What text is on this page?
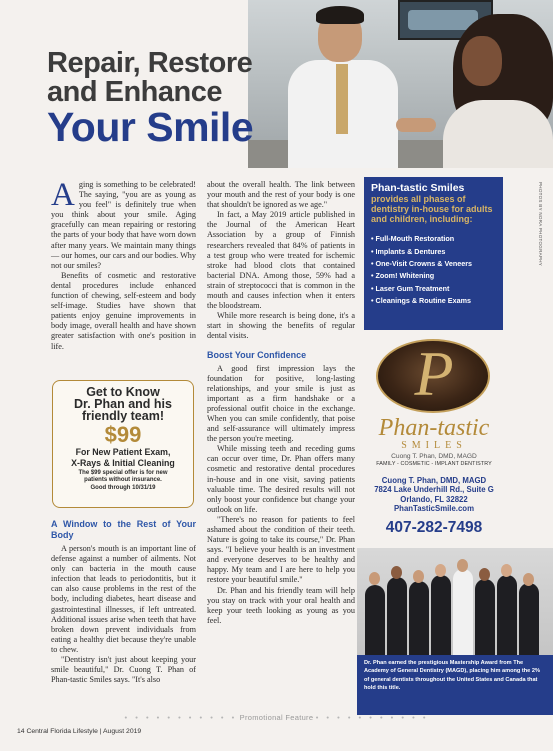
PHOTOS BY NORA PHOTOGRAPHY
Repair, Restore
and Enhance
Your Smile

Aging is something to be celebrated! The saying, "you are as young as you feel" is definitely true when you think about your smile. Aging gracefully can mean repairing or restoring the parts of your body that have worn down after many years. We maintain many things — our homes, our cars and our bodies. Why not our smiles?

Benefits of cosmetic and restorative dental procedures include enhanced function of chewing, self-esteem and body self-image. Studies have shown that patients enjoy genuine improvements in body image, overall health and have shown greater satisfaction with one's position in life.

Get to Know
Dr. Phan and his
friendly team!
$99
For New Patient Exam,
X-Rays & Initial Cleaning
The $99 special offer is for new
patients without insurance.
Good through 10/31/19
A Window to the Rest of Your Body

A person's mouth is an important line of defense against a number of ailments. Not only can bacteria in the mouth cause infection that leads to periodontitis, but it can also cause problems in the rest of the body, including diabetes, heart disease and gastrointestinal illnesses, if left untreated. Additional issues arise when teeth that have broken down prevent individuals from eating a healthy diet because they're unable to chew.

"Dentistry isn't just about keeping your smile beautiful," Dr. Cuong T. Phan of Phan-tastic Smiles says. "It's also

about the overall health. The link between your mouth and the rest of your body is one that shouldn't be ignored as we age."

In fact, a May 2019 article published in the Journal of the American Heart Association by a group of Finnish researchers revealed that 84% of patients in a test group who were treated for ischemic stroke had blood clots that contained bacterial DNA. Among those, 59% had a strain of streptococci that is common in the mouth and causes infection when it enters the bloodstream.

While more research is being done, it's a start in showing the benefits of regular dental visits.

Boost Your Confidence

A good first impression lays the foundation for positive, long-lasting relationships, and your smile is just as important as a firm handshake or a professional outfit choice in the exchange. When you can smile confidently, that poise and self-assurance will ultimately impress the person you're meeting.

While missing teeth and receding gums can occur over time, Dr. Phan offers many cosmetic and restorative dental procedures in-house and in one visit, saving patients valuable time. The desired results will not only boost your confidence but change your outlook on life.

"There's no reason for patients to feel ashamed about the condition of their teeth. Nature is going to take its course," Dr. Phan says. "I believe your health is an investment and everyone deserves to be healthy and happy. My team and I are here to help you restore your beautiful smile."

Dr. Phan and his friendly team will help you stay on track with your oral health and keep your teeth looking as young as you feel.

Phan-tastic Smiles
provides all phases of dentistry in-house for adults and children, including:
• Full-Mouth Restoration
• Implants & Dentures
• One-Visit Crowns & Veneers
• Zoom! Whitening
• Laser Gum Treatment
• Cleanings & Routine Exams
P
Phan-tastic
SMILES
Cuong T. Phan, DMD, MAGD
FAMILY - COSMETIC - IMPLANT DENTISTRY
Cuong T. Phan, DMD, MAGD
7824 Lake Underhill Rd., Suite G
Orlando, FL 32822
PhanTasticSmile.com
407-282-7498
Dr. Phan earned the prestigious Mastership Award from The Academy of General Dentistry (MAGD), placing him among the 2% of general dentists throughout the United States and Canada that hold this title.
• • • • • • • • • • • Promotional Feature • • • • • • • • • • •
14 Central Florida Lifestyle | August 2019
